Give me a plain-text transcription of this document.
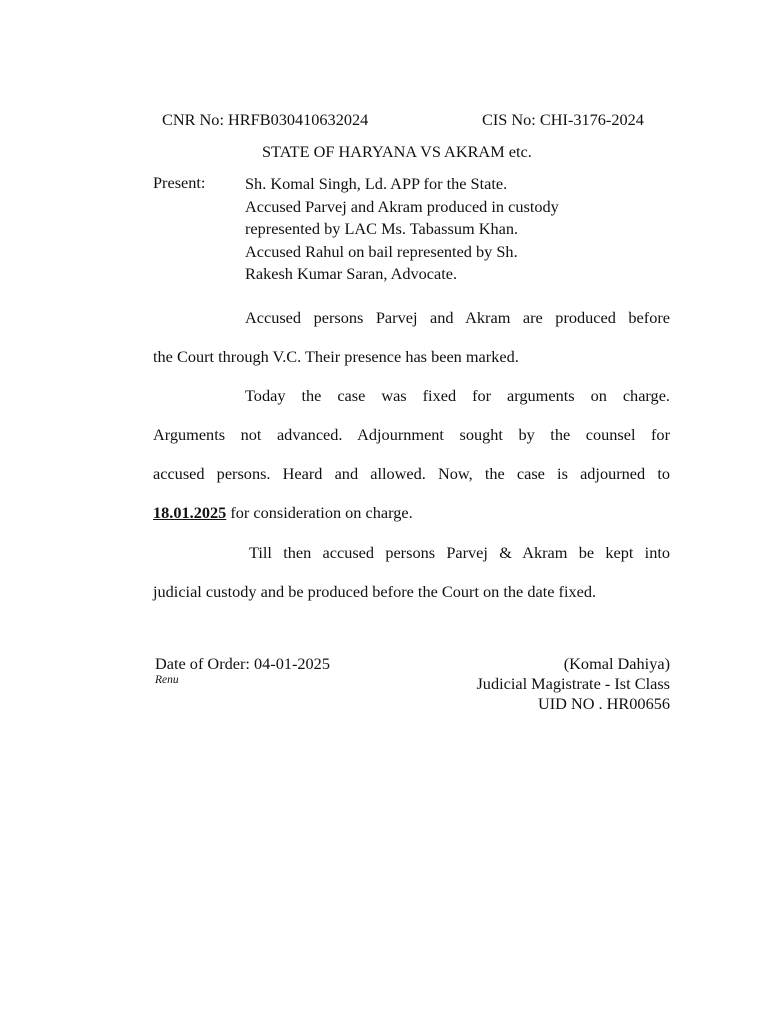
CNR No: HRFB030410632024	CIS No: CHI-3176-2024
STATE OF HARYANA VS AKRAM etc.
Present: Sh. Komal Singh, Ld. APP for the State.
Accused Parvej and Akram produced in custody
represented by LAC Ms. Tabassum Khan.
Accused Rahul on bail represented by Sh.
Rakesh Kumar Saran, Advocate.
Accused persons Parvej and Akram are produced before
the Court through V.C. Their presence has been marked.
Today the case was fixed for arguments on charge.
Arguments not advanced. Adjournment sought by the counsel for
accused persons. Heard and allowed. Now, the case is adjourned to
18.01.2025 for consideration on charge.
Till then accused persons Parvej & Akram be kept into
judicial custody and be produced before the Court on the date fixed.
Date of Order: 04-01-2025
Renu
(Komal Dahiya)
Judicial Magistrate - Ist Class
UID NO . HR00656
